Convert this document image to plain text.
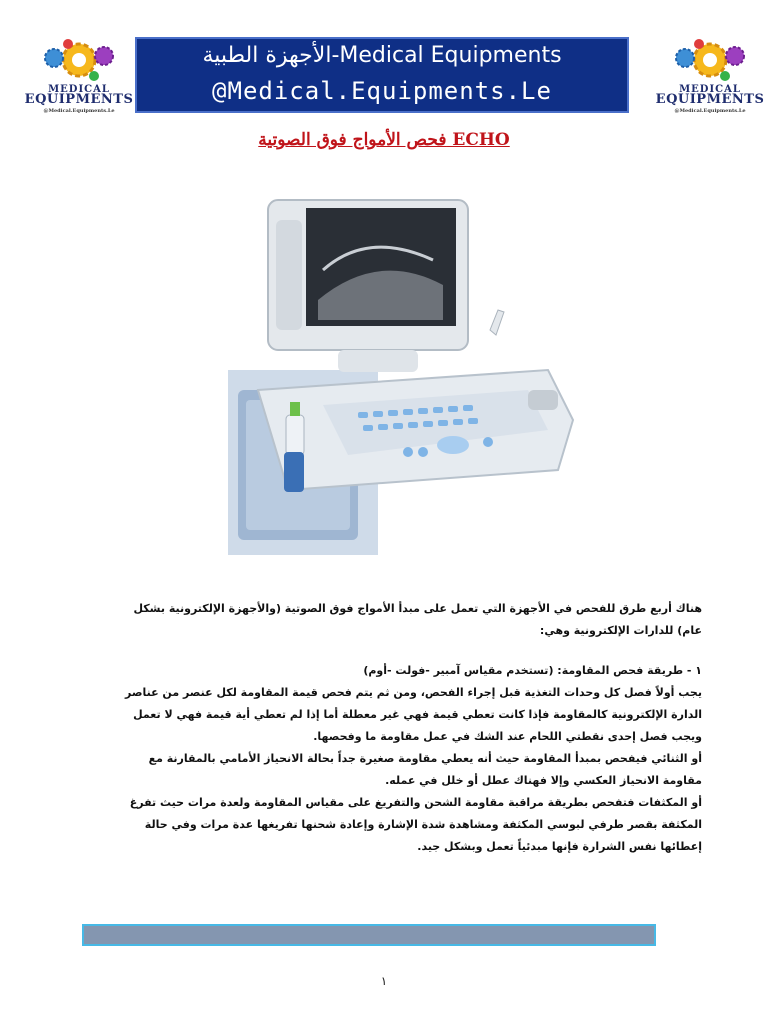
MEDICAL
EQUIPMENTS
@Medical.Equipments.Le
الأجهزة الطبية-Medical Equipments
@Medical.Equipments.Le	MEDICAL
EQUIPMENTS
@Medical.Equipments.Le
فحص الأمواج فوق الصوتية ECHO
هناك أربع طرق للفحص في الأجهزة التي تعمل على مبدأ الأمواج فوق الصوتية (والأجهزة الإلكترونية بشكل
عام) للدارات الإلكترونية وهي:
١ - طريقة فحص المقاومة: (تستخدم مقياس آمبير -فولت -أوم)
يجب أولاً فصل كل وحدات التغذية قبل إجراء الفحص، ومن ثم يتم فحص قيمة المقاومة لكل عنصر من عناصر
الدارة الإلكترونية كالمقاومة فإذا كانت تعطي قيمة فهي غير معطلة أما إذا لم تعطي أية قيمة فهي لا تعمل
ويجب فصل إحدى نقطتي اللحام عند الشك في عمل مقاومة ما وفحصها.
أو الثنائي فيفحص بمبدأ المقاومة حيث أنه يعطي مقاومة صغيرة جداً بحالة الانحياز الأمامي بالمقارنة مع
مقاومة الانحياز العكسي وإلا فهناك عطل أو خلل في عمله.
أو المكثفات فتفحص بطريقة مراقبة مقاومة الشحن والتفريغ على مقياس المقاومة ولعدة مرات حيث تفرغ
المكثفة بقصر طرفي لبوسي المكثفة ومشاهدة شدة الإشارة وإعادة شحنها تفريغها عدة مرات وفي حالة
إعطائها نفس الشرارة فإنها مبدئياً تعمل وبشكل جيد.
١
